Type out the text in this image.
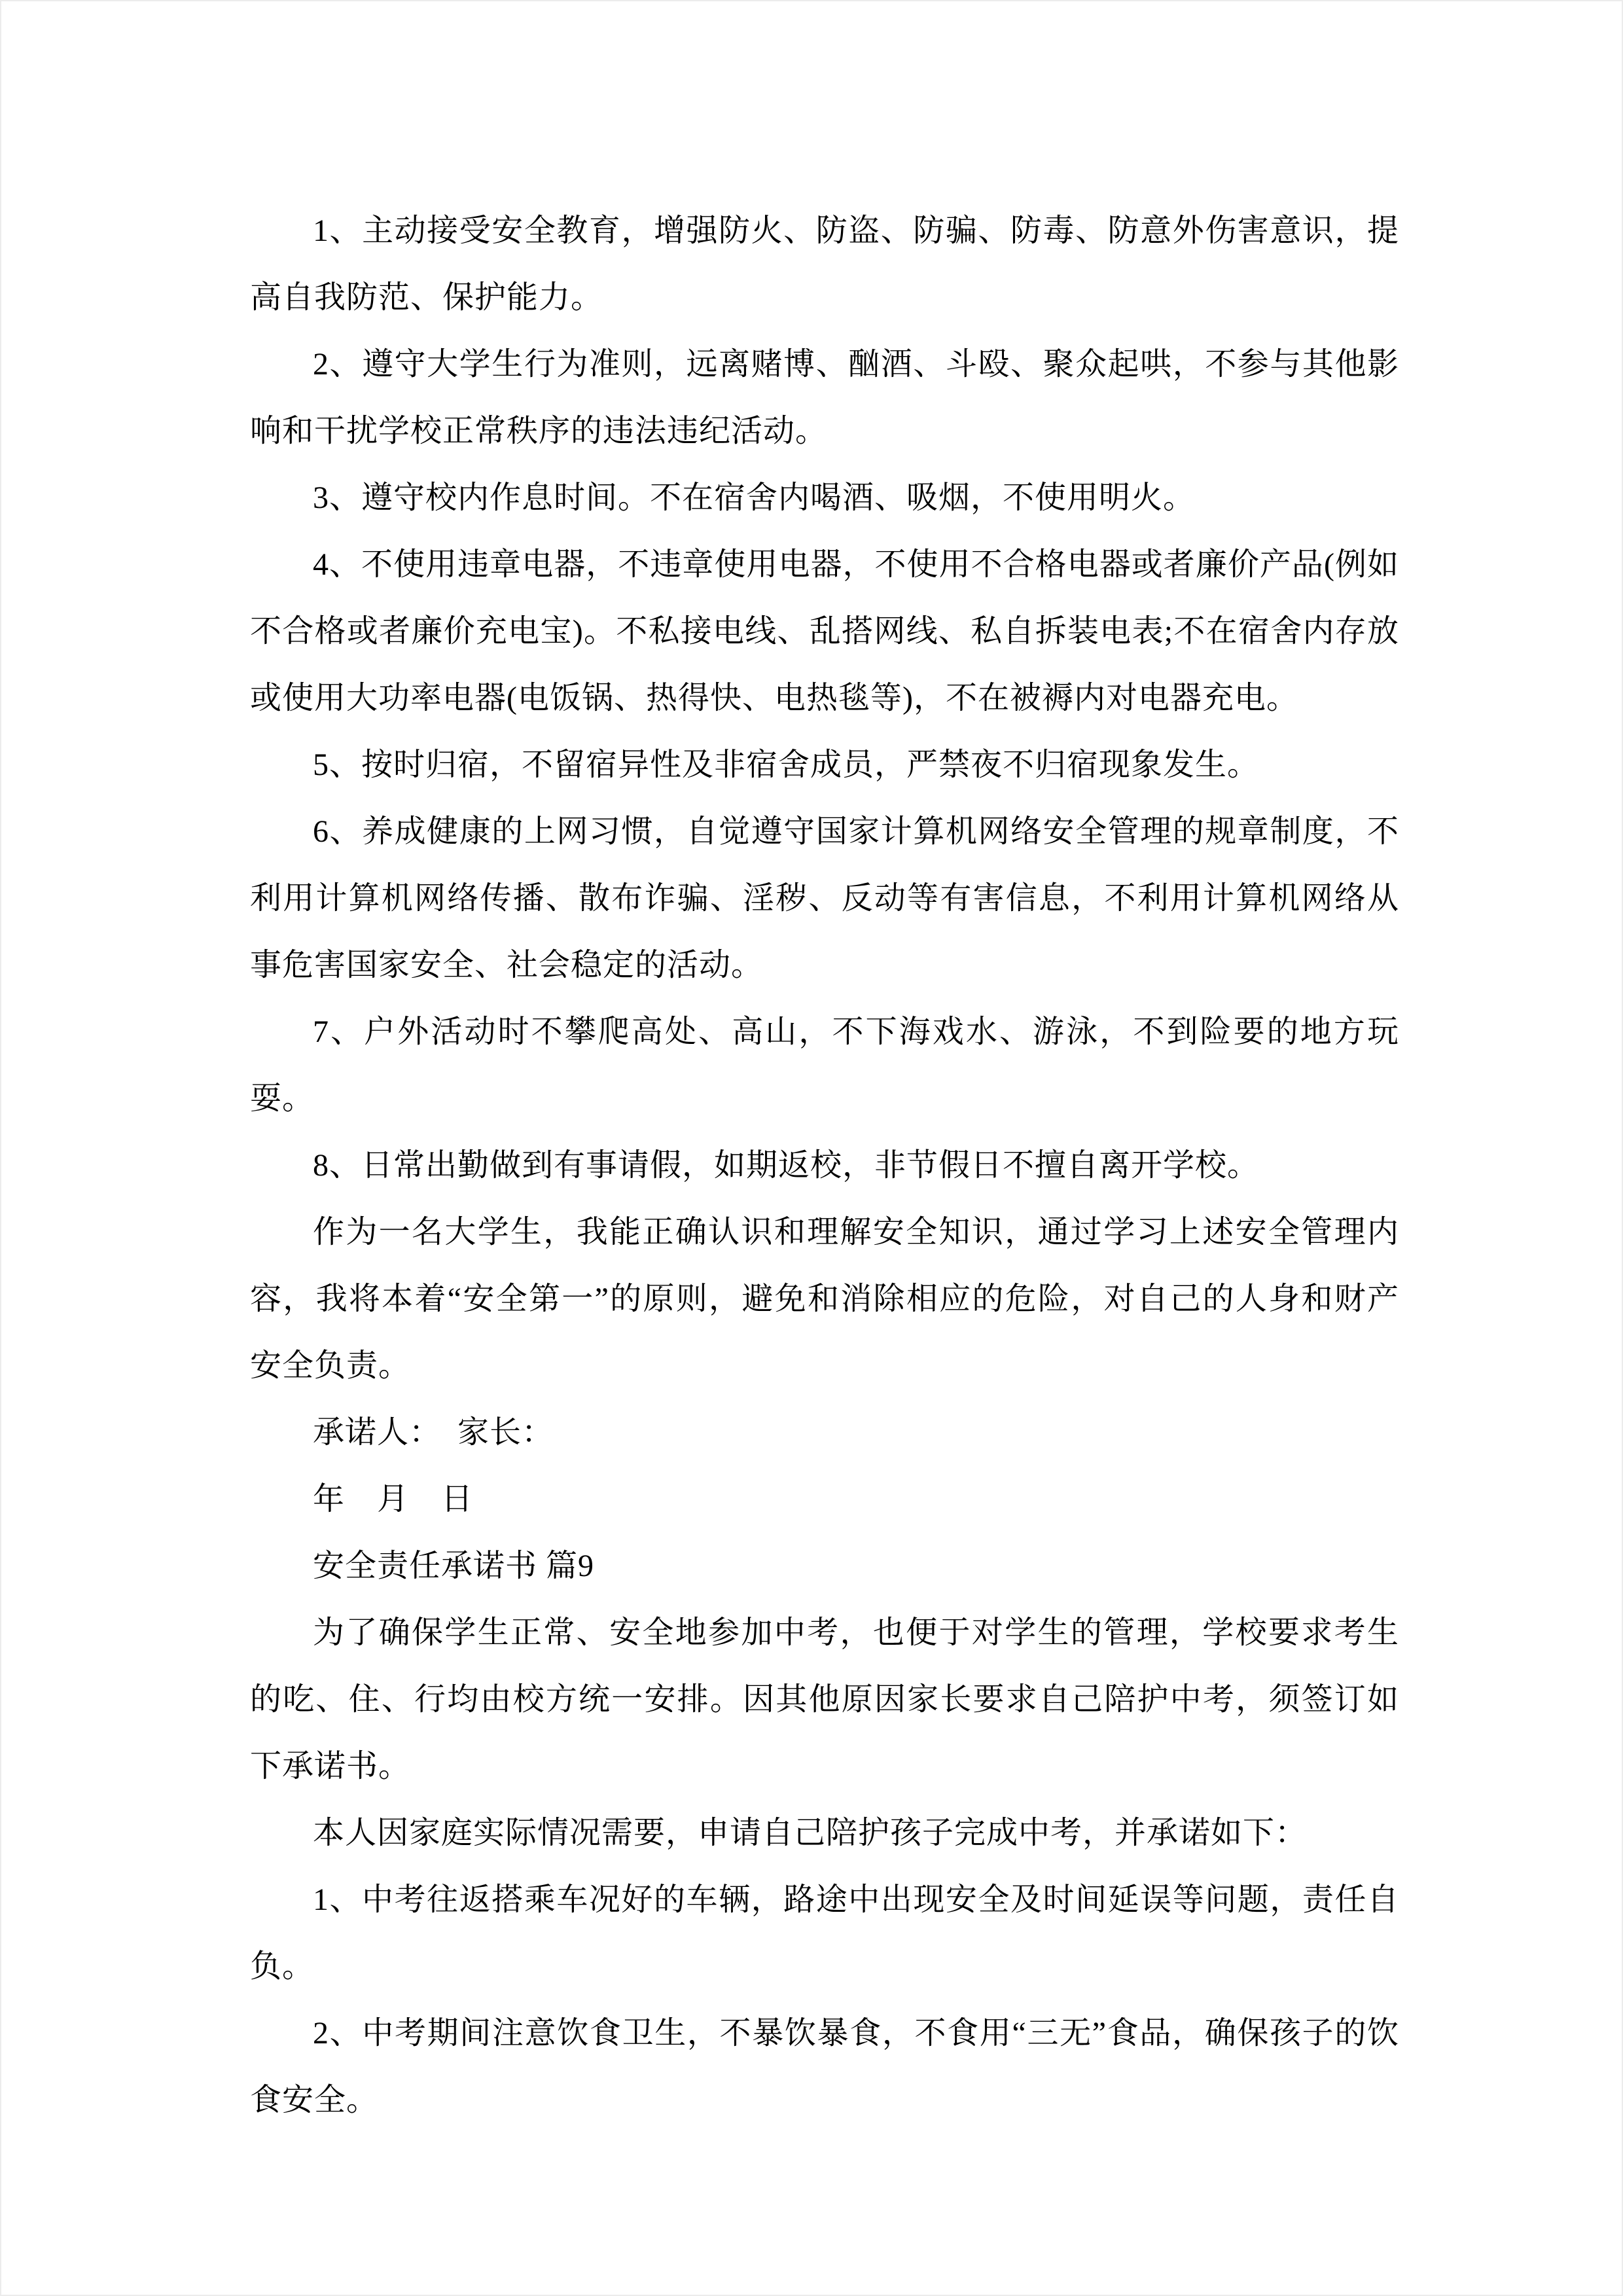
1、主动接受安全教育，增强防火、防盗、防骗、防毒、防意外伤害意识，提高自我防范、保护能力。

2、遵守大学生行为准则，远离赌博、酗酒、斗殴、聚众起哄，不参与其他影响和干扰学校正常秩序的违法违纪活动。

3、遵守校内作息时间。不在宿舍内喝酒、吸烟，不使用明火。

4、不使用违章电器，不违章使用电器，不使用不合格电器或者廉价产品(例如不合格或者廉价充电宝)。不私接电线、乱搭网线、私自拆装电表;不在宿舍内存放或使用大功率电器(电饭锅、热得快、电热毯等)，不在被褥内对电器充电。

5、按时归宿，不留宿异性及非宿舍成员，严禁夜不归宿现象发生。

6、养成健康的上网习惯，自觉遵守国家计算机网络安全管理的规章制度，不利用计算机网络传播、散布诈骗、淫秽、反动等有害信息，不利用计算机网络从事危害国家安全、社会稳定的活动。

7、户外活动时不攀爬高处、高山，不下海戏水、游泳，不到险要的地方玩耍。

8、日常出勤做到有事请假，如期返校，非节假日不擅自离开学校。

作为一名大学生，我能正确认识和理解安全知识，通过学习上述安全管理内容，我将本着“安全第一”的原则，避免和消除相应的危险，对自己的人身和财产安全负责。

承诺人：　家长：

年　月　日

安全责任承诺书 篇9

为了确保学生正常、安全地参加中考，也便于对学生的管理，学校要求考生的吃、住、行均由校方统一安排。因其他原因家长要求自己陪护中考，须签订如下承诺书。

本人因家庭实际情况需要，申请自己陪护孩子完成中考，并承诺如下：

1、中考往返搭乘车况好的车辆，路途中出现安全及时间延误等问题，责任自负。

2、中考期间注意饮食卫生，不暴饮暴食，不食用“三无”食品，确保孩子的饮食安全。
